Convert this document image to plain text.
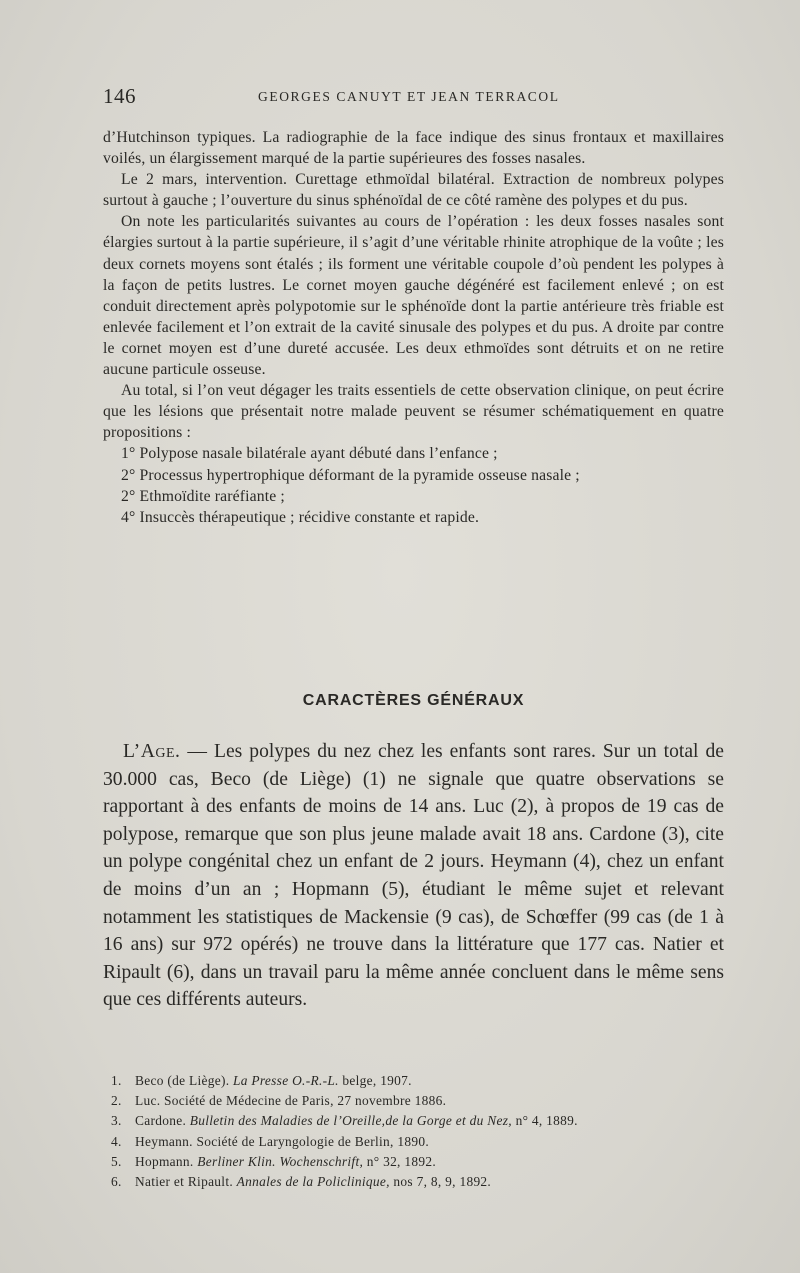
146	GEORGES CANUYT ET JEAN TERRACOL

d’Hutchinson typiques. La radiographie de la face indique des sinus frontaux et maxillaires voilés, un élargissement marqué de la partie supérieures des fosses nasales.

Le 2 mars, intervention. Curettage ethmoïdal bilatéral. Extraction de nombreux polypes surtout à gauche ; l’ouverture du sinus sphénoïdal de ce côté ramène des polypes et du pus.

On note les particularités suivantes au cours de l’opération : les deux fosses nasales sont élargies surtout à la partie supérieure, il s’agit d’une véritable rhinite atrophique de la voûte ; les deux cornets moyens sont étalés ; ils forment une véritable coupole d’où pendent les polypes à la façon de petits lustres. Le cornet moyen gauche dégénéré est facilement enlevé ; on est conduit directement après polypotomie sur le sphénoïde dont la partie antérieure très friable est enlevée facilement et l’on extrait de la cavité sinusale des polypes et du pus. A droite par contre le cornet moyen est d’une dureté accusée. Les deux ethmoïdes sont détruits et on ne retire aucune particule osseuse.

Au total, si l’on veut dégager les traits essentiels de cette observation clinique, on peut écrire que les lésions que présentait notre malade peuvent se résumer schématiquement en quatre propositions :

1° Polypose nasale bilatérale ayant débuté dans l’enfance ;

2° Processus hypertrophique déformant de la pyramide osseuse nasale ;

2° Ethmoïdite raréfiante ;

4° Insuccès thérapeutique ; récidive constante et rapide.

CARACTÈRES GÉNÉRAUX

L’Age. — Les polypes du nez chez les enfants sont rares. Sur un total de 30.000 cas, Beco (de Liège) (1) ne signale que quatre observations se rapportant à des enfants de moins de 14 ans. Luc (2), à propos de 19 cas de polypose, remarque que son plus jeune malade avait 18 ans. Cardone (3), cite un polype congénital chez un enfant de 2 jours. Heymann (4), chez un enfant de moins d’un an ; Hopmann (5), étudiant le même sujet et relevant notamment les statistiques de Mackensie (9 cas), de Schœffer (99 cas (de 1 à 16 ans) sur 972 opérés) ne trouve dans la littérature que 177 cas. Natier et Ripault (6), dans un travail paru la même année concluent dans le même sens que ces différents auteurs.

1. Beco (de Liège). La Presse O.-R.-L. belge, 1907.
2. Luc. Société de Médecine de Paris, 27 novembre 1886.
3. Cardone. Bulletin des Maladies de l’Oreille,de la Gorge et du Nez, n° 4, 1889.
4. Heymann. Société de Laryngologie de Berlin, 1890.
5. Hopmann. Berliner Klin. Wochenschrift, n° 32, 1892.
6. Natier et Ripault. Annales de la Policlinique, nos 7, 8, 9, 1892.
